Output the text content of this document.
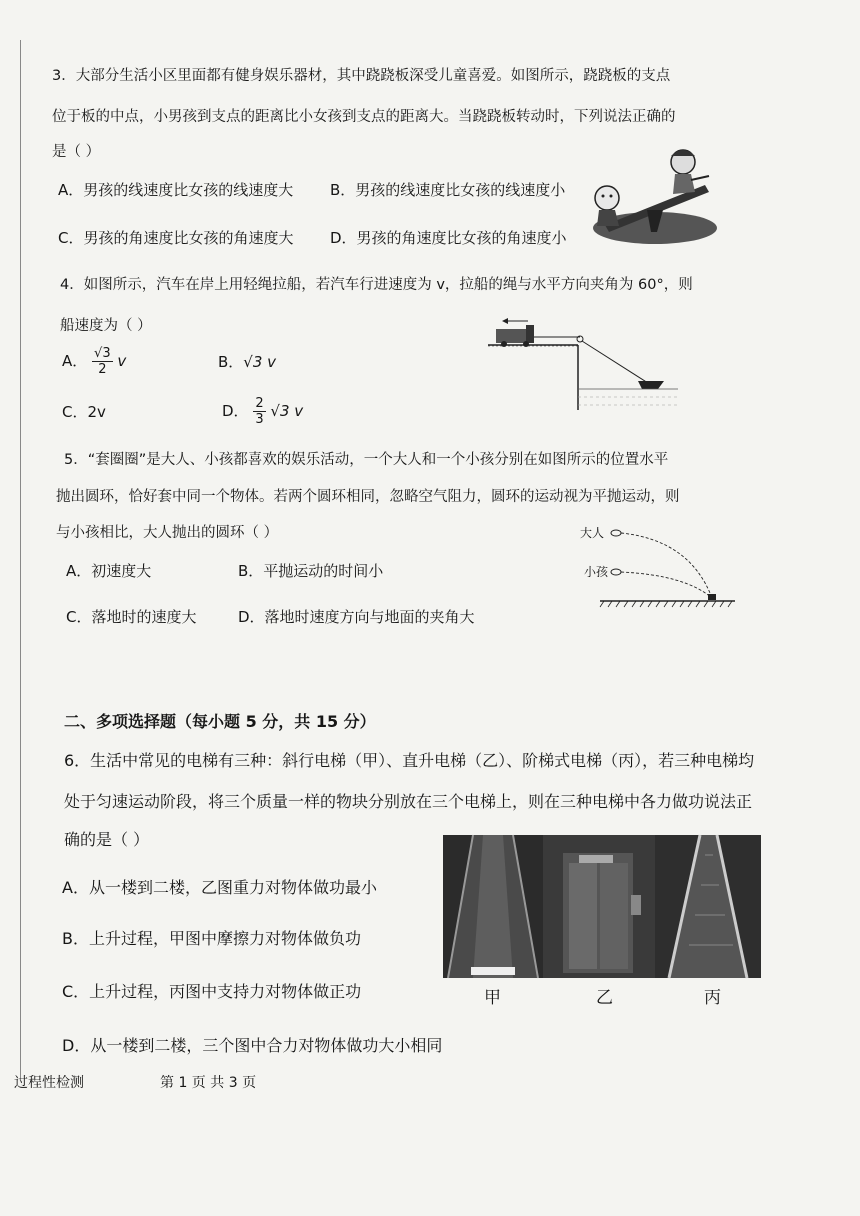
3．大部分生活小区里面都有健身娱乐器材，其中跷跷板深受儿童喜爱。如图所示，跷跷板的支点
位于板的中点，小男孩到支点的距离比小女孩到支点的距离大。当跷跷板转动时，下列说法正确的
是（ ）
A．男孩的线速度比女孩的线速度大 B．男孩的线速度比女孩的线速度小
C．男孩的角速度比女孩的角速度大 D．男孩的角速度比女孩的角速度小
4．如图所示，汽车在岸上用轻绳拉船，若汽车行进速度为 v，拉船的绳与水平方向夹角为 60°，则
船速度为（ ）
A． $\frac{√3}{2}$ v	B．√3 v
C．2v	D． $\frac{2}{3} √3$ v
5．“套圈圈”是大人、小孩都喜欢的娱乐活动，一个大人和一个小孩分别在如图所示的位置水平
抛出圆环，恰好套中同一个物体。若两个圆环相同，忽略空气阻力，圆环的运动视为平抛运动，则
与小孩相比，大人抛出的圆环（ ）
A．初速度大	B．平抛运动的时间小
C．落地时的速度大	D．落地时速度方向与地面的夹角大
大人
小孩
二、多项选择题（每小题 5 分，共 15 分）
6．生活中常见的电梯有三种：斜行电梯（甲）、直升电梯（乙）、阶梯式电梯（丙），若三种电梯均
处于匀速运动阶段，将三个质量一样的物块分别放在三个电梯上，则在三种电梯中各力做功说法正
确的是（ ）
A．从一楼到二楼，乙图重力对物体做功最小
B．上升过程，甲图中摩擦力对物体做负功
C．上升过程，丙图中支持力对物体做正功
D．从一楼到二楼，三个图中合力对物体做功大小相同
甲	乙	丙
过程性检测	第 1 页 共 3 页
